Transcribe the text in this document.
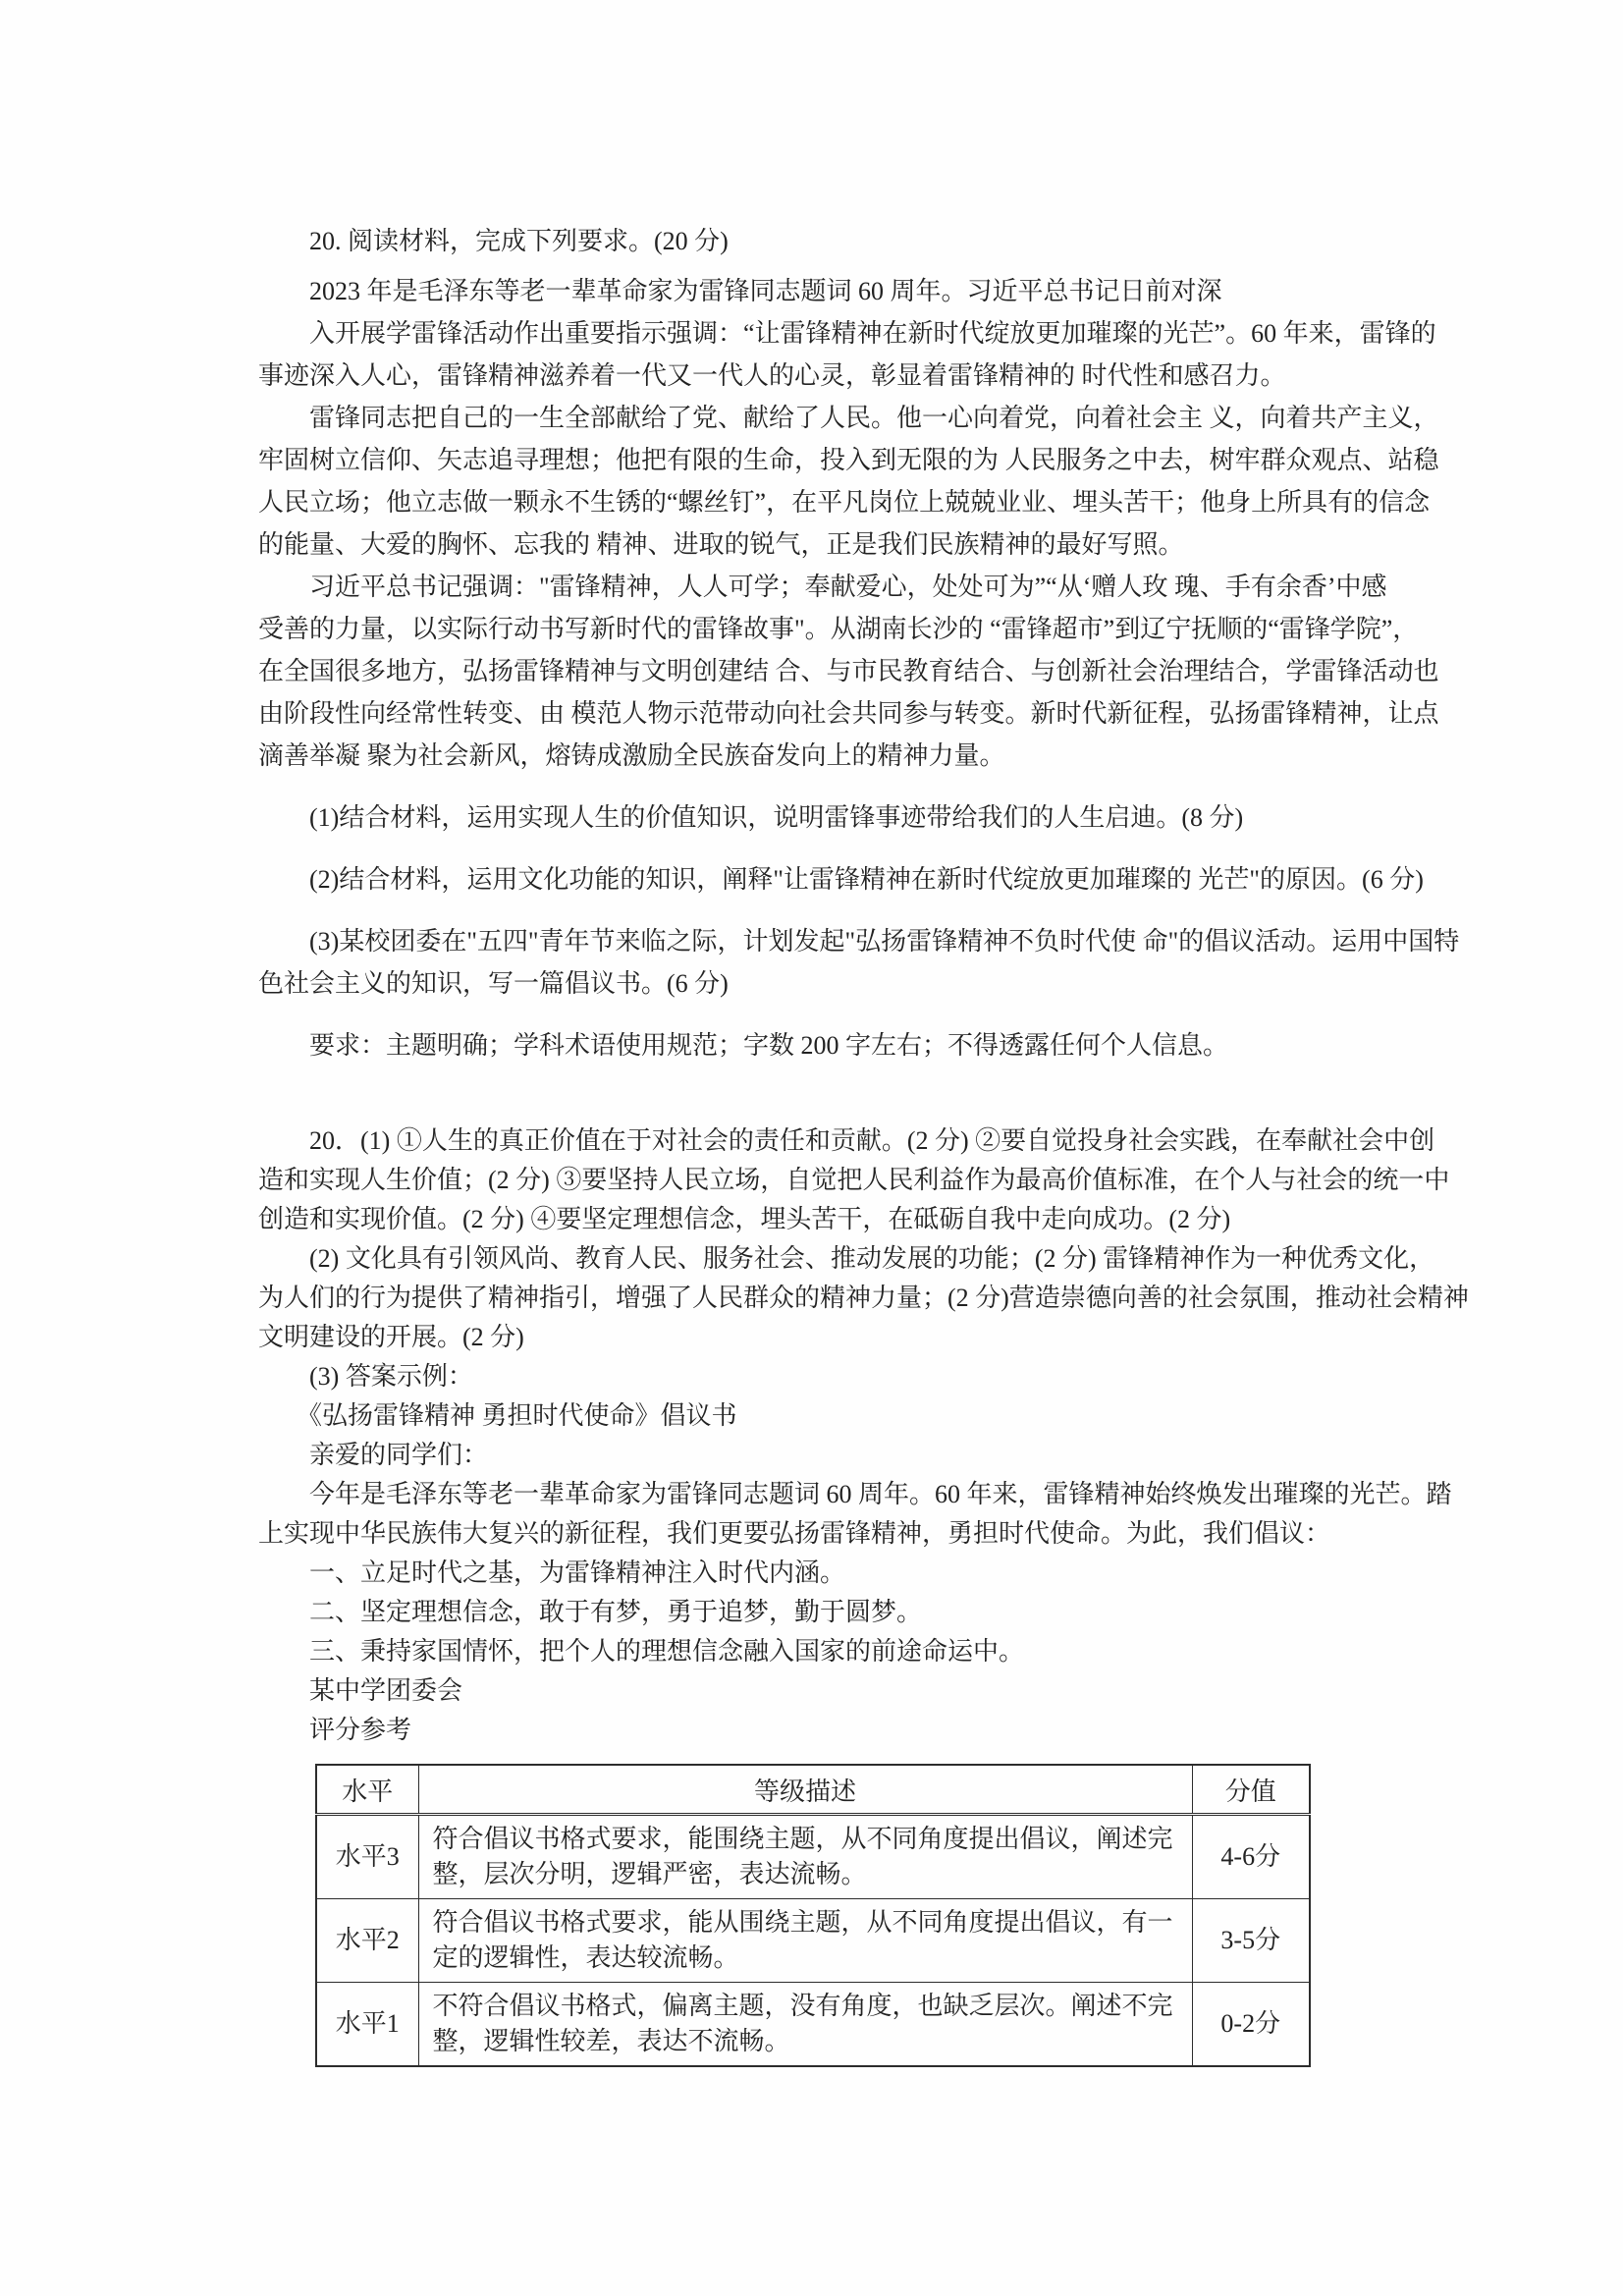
　　20. 阅读材料，完成下列要求。(20 分)
　　2023 年是毛泽东等老一辈革命家为雷锋同志题词 60 周年。习近平总书记日前对深
　　入开展学雷锋活动作出重要指示强调：“让雷锋精神在新时代绽放更加璀璨的光芒”。60 年来，雷锋的
事迹深入人心，雷锋精神滋养着一代又一代人的心灵，彰显着雷锋精神的 时代性和感召力。
　　雷锋同志把自己的一生全部献给了党、献给了人民。他一心向着党，向着社会主 义，向着共产主义，
牢固树立信仰、矢志追寻理想；他把有限的生命，投入到无限的为 人民服务之中去，树牢群众观点、站稳
人民立场；他立志做一颗永不生锈的“螺丝钉”，在平凡岗位上兢兢业业、埋头苦干；他身上所具有的信念
的能量、大爱的胸怀、忘我的 精神、进取的锐气，正是我们民族精神的最好写照。
　　习近平总书记强调："雷锋精神，人人可学；奉献爱心，处处可为”“从‘赠人玫 瑰、手有余香’中感
受善的力量，以实际行动书写新时代的雷锋故事"。从湖南长沙的 “雷锋超市”到辽宁抚顺的“雷锋学院”，
在全国很多地方，弘扬雷锋精神与文明创建结 合、与市民教育结合、与创新社会治理结合，学雷锋活动也
由阶段性向经常性转变、由 模范人物示范带动向社会共同参与转变。新时代新征程，弘扬雷锋精神，让点
滴善举凝 聚为社会新风，熔铸成激励全民族奋发向上的精神力量。
　　(1)结合材料，运用实现人生的价值知识，说明雷锋事迹带给我们的人生启迪。(8 分)
　　(2)结合材料，运用文化功能的知识，阐释"让雷锋精神在新时代绽放更加璀璨的 光芒"的原因。(6 分)
　　(3)某校团委在"五四"青年节来临之际，计划发起"弘扬雷锋精神不负时代使 命"的倡议活动。运用中国特
色社会主义的知识，写一篇倡议书。(6 分)
　　要求：主题明确；学科术语使用规范；字数 200 字左右；不得透露任何个人信息。
　　20．(1) ①人生的真正价值在于对社会的责任和贡献。(2 分) ②要自觉投身社会实践，在奉献社会中创
造和实现人生价值；(2 分) ③要坚持人民立场，自觉把人民利益作为最高价值标准，在个人与社会的统一中
创造和实现价值。(2 分) ④要坚定理想信念，埋头苦干，在砥砺自我中走向成功。(2 分)
　　(2) 文化具有引领风尚、教育人民、服务社会、推动发展的功能；(2 分) 雷锋精神作为一种优秀文化，
为人们的行为提供了精神指引，增强了人民群众的精神力量；(2 分)营造崇德向善的社会氛围，推动社会精神
文明建设的开展。(2 分)
　　(3) 答案示例：
　　《弘扬雷锋精神 勇担时代使命》倡议书
　　亲爱的同学们：
　　今年是毛泽东等老一辈革命家为雷锋同志题词 60 周年。60 年来，雷锋精神始终焕发出璀璨的光芒。踏
上实现中华民族伟大复兴的新征程，我们更要弘扬雷锋精神，勇担时代使命。为此，我们倡议：
　　一、立足时代之基，为雷锋精神注入时代内涵。
　　二、坚定理想信念，敢于有梦，勇于追梦，勤于圆梦。
　　三、秉持家国情怀，把个人的理想信念融入国家的前途命运中。
　　某中学团委会
　　评分参考
水平	等级描述	分值
水平3	符合倡议书格式要求，能围绕主题，从不同角度提出倡议，阐述完整，层次分明，逻辑严密，表达流畅。	4-6分
水平2	符合倡议书格式要求，能从围绕主题，从不同角度提出倡议，有一定的逻辑性，表达较流畅。	3-5分
水平1	不符合倡议书格式，偏离主题，没有角度，也缺乏层次。阐述不完整，逻辑性较差，表达不流畅。	0-2分
